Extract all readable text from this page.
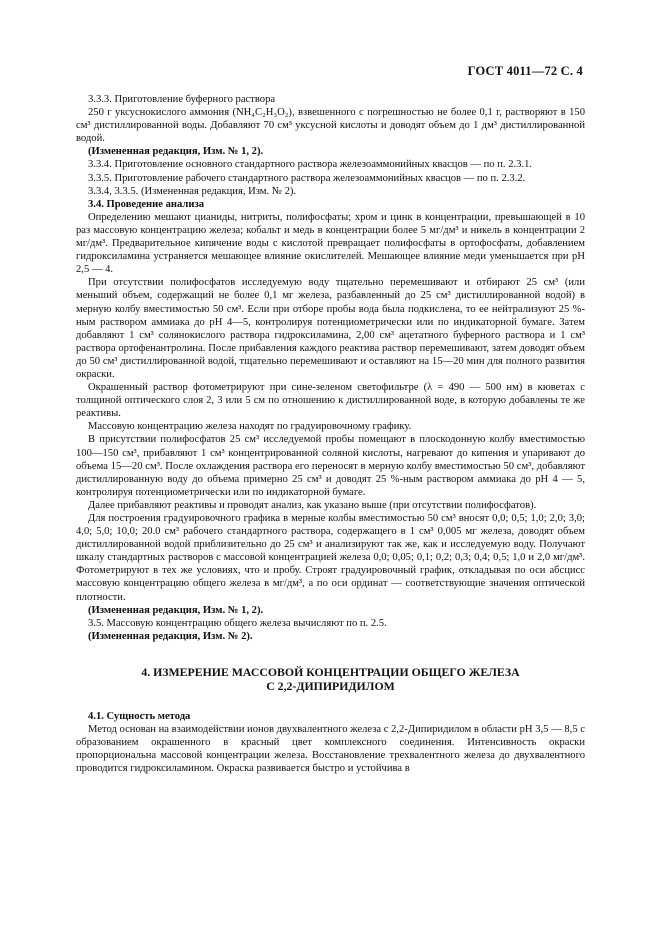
ГОСТ 4011—72 С. 4

3.3.3. Приготовление буферного раствора

250 г уксуснокислого аммония (NH₄C₂H₃O₂), взвешенного с погрешностью не более 0,1 г, растворяют в 150 см³ дистиллированной воды. Добавляют 70 см³ уксусной кислоты и доводят объем до 1 дм³ дистиллированной водой.

(Измененная редакция, Изм. № 1, 2).

3.3.4. Приготовление основного стандартного раствора железоаммонийных квасцов — по п. 2.3.1.

3.3.5. Приготовление рабочего стандартного раствора железоаммонийных квасцов — по п. 2.3.2.

3.3.4, 3.3.5. (Измененная редакция, Изм. № 2).

3.4. Проведение анализа

Определению мешают цианиды, нитриты, полифосфаты; хром и цинк в концентрации, превышающей в 10 раз массовую концентрацию железа; кобальт и медь в концентрации более 5 мг/дм³ и никель в концентрации 2 мг/дм³. Предварительное кипячение воды с кислотой превращает полифосфаты в ортофосфаты, добавлением гидроксиламина устраняется мешающее влияние окислителей. Мешающее влияние меди уменьшается при pH 2,5 — 4.

При отсутствии полифосфатов исследуемую воду тщательно перемешивают и отбирают 25 см³ (или меньший объем, содержащий не более 0,1 мг железа, разбавленный до 25 см³ дистиллированной водой) в мерную колбу вместимостью 50 см³. Если при отборе пробы вода была подкислена, то ее нейтрализуют 25 %-ным раствором аммиака до pH 4—5, контролируя потенциометрически или по индикаторной бумаге. Затем добавляют 1 см³ солянокислого раствора гидроксиламина, 2,00 см³ ацетатного буферного раствора и 1 см³ раствора ортофенантролина. После прибавления каждого реактива раствор перемешивают, затем доводят объем до 50 см³ дистиллированной водой, тщательно перемешивают и оставляют на 15—20 мин для полного развития окраски.

Окрашенный раствор фотометрируют при сине-зеленом светофильтре (λ = 490 — 500 нм) в кюветах с толщиной оптического слоя 2, 3 или 5 см по отношению к дистиллированной воде, в которую добавлены те же реактивы.

Массовую концентрацию железа находят по градуировочному графику.

В присутствии полифосфатов 25 см³ исследуемой пробы помещают в плоскодонную колбу вместимостью 100—150 см³, прибавляют 1 см³ концентрированной соляной кислоты, нагревают до кипения и упаривают до объема 15—20 см³. После охлаждения раствора его переносят в мерную колбу вместимостью 50 см³, добавляют дистиллированную воду до объема примерно 25 см³ и доводят 25 %-ным раствором аммиака до pH 4 — 5, контролируя потенциометрически или по индикаторной бумаге.

Далее прибавляют реактивы и проводят анализ, как указано выше (при отсутствии полифосфатов).

Для построения градуировочного графика в мерные колбы вместимостью 50 см³ вносят 0,0; 0,5; 1,0; 2,0; 3,0; 4,0; 5,0; 10,0; 20.0 см³ рабочего стандартного раствора, содержащего в 1 см³ 0,005 мг железа, доводят объем дистиллированной водой приблизительно до 25 см³ и анализируют так же, как и исследуемую воду. Получают шкалу стандартных растворов с массовой концентрацией железа 0,0; 0,05; 0,1; 0,2; 0,3; 0,4; 0,5; 1,0 и 2,0 мг/дм³. Фотометрируют в тех же условиях, что и пробу. Строят градуировочный график, откладывая по оси абсцисс массовую концентрацию общего железа в мг/дм³, а по оси ординат — соответствующие значения оптической плотности.

(Измененная редакция, Изм. № 1, 2).

3.5. Массовую концентрацию общего железа вычисляют по п. 2.5.

(Измененная редакция, Изм. № 2).

4. ИЗМЕРЕНИЕ МАССОВОЙ КОНЦЕНТРАЦИИ ОБЩЕГО ЖЕЛЕЗА
С 2,2-ДИПИРИДИЛОМ

4.1. Сущность метода

Метод основан на взаимодействии ионов двухвалентного железа с 2,2-Дипиридилом в области pH 3,5 — 8,5 с образованием окрашенного в красный цвет комплексного соединения. Интенсивность окраски пропорциональна массовой концентрации железа. Восстановление трехвалентного железа до двухвалентного проводится гидроксиламином. Окраска развивается быстро и устойчива в
